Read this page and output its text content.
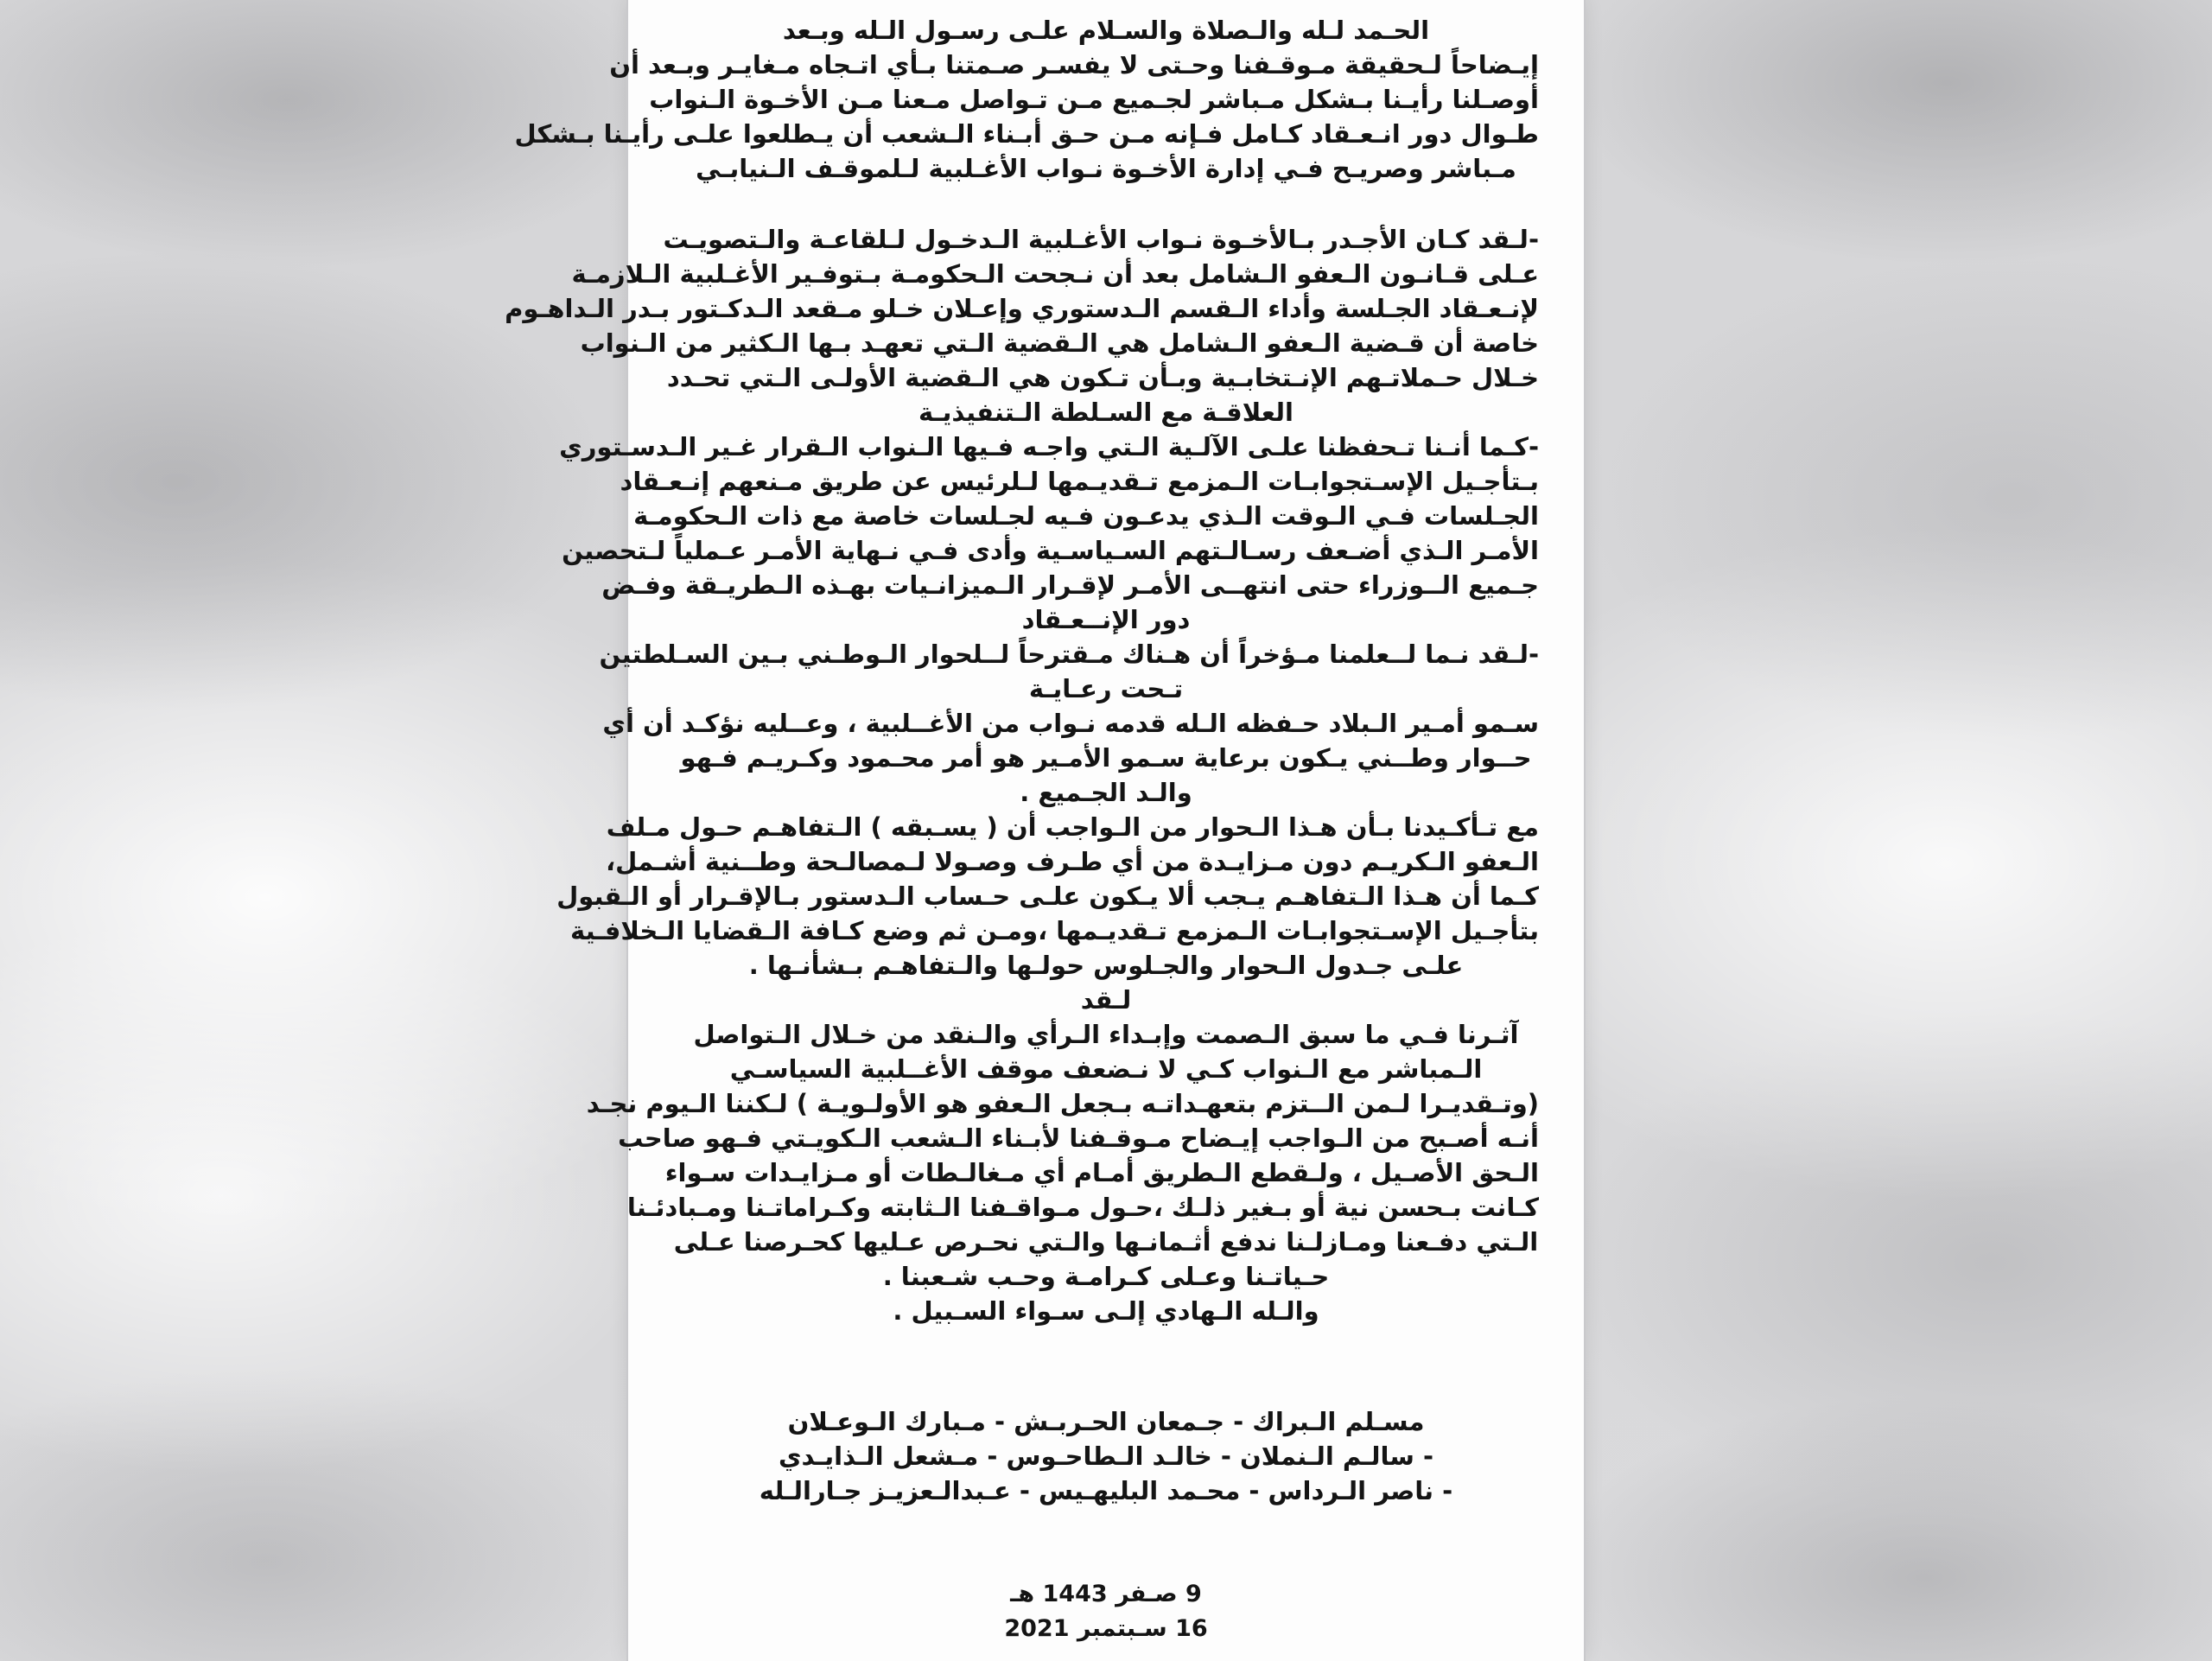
الحـمد لـله والـصلاة والسـلام علـى رسـول الـله وبـعد
إيـضاحاً لـحقيقة مـوقـفنا وحـتى لا يفسـر صـمتنا بـأي اتـجاه مـغايـر وبـعد أن
أوصـلنا رأيـنا بـشكل مـباشر لجـميع مـن تـواصل مـعنا مـن الأخـوة الـنواب
طـوال دور انـعـقاد كـامل فـإنه مـن حـق أبـناء الـشعب أن يـطلعوا علـى رأيـنا بـشكل
مـباشر وصريـح فـي إدارة الأخـوة نـواب الأغـلبية لـلموقـف الـنيابـي
-لـقد كـان الأجـدر بـالأخـوة نـواب الأغـلبية الـدخـول لـلقاعـة والـتصويـت
عـلى قـانـون الـعفو الـشامل بعد أن نـجحت الـحكومـة بـتوفـير الأغـلبية الـلازمـة
لإنـعـقاد الجـلسة وأداء الـقسم الـدستوري وإعـلان خـلو مـقعد الـدكـتور بـدر الـداهـوم
خاصة أن قـضية الـعفو الـشامل هي الـقضية الـتي تعهـد بـها الـكثير من الـنواب
خـلال حـملاتـهم الإنـتخابـية وبـأن تـكون هي الـقضية الأولـى الـتي تحـدد
العلاقـة مع السـلطة الـتنفيذيـة
-كـما أنـنا تـحفظنا علـى الآلـية الـتي واجـه فـيها الـنواب الـقرار غـير الـدسـتوري
بـتأجـيل الإسـتجوابـات الـمزمع تـقديـمها لـلرئيس عن طريق مـنعهم إنـعـقاد
الجـلسات فـي الـوقت الـذي يدعـون فـيه لجـلسات خاصة مع ذات الـحكومـة
الأمـر الـذي أضـعف رسـالـتهم السـياسـية وأدى فـي نـهاية الأمـر عـملياً لـتحصين
جـميع الــوزراء حتى انتهــى الأمـر لإقـرار الـميزانـيات بهـذه الـطريـقة وفـض
دور الإنــعـقاد
-لـقد نـما لــعلمنا مـؤخراً أن هـناك مـقترحاً لــلحوار الـوطـني بـين السـلطتين
تـحت رعـايـة
سـمو أمـير الـبلاد حـفظه الـله قدمه نـواب من الأغــلبية ، وعــليه نؤكـد أن أي
حــوار وطــني يـكون برعاية سـمو الأمـير هو أمر محـمود وكـريـم فـهو
والـد الجـميع .
مع تـأكـيدنا بـأن هـذا الـحوار من الـواجب أن ( يسـبقه ) الـتفاهـم حـول مـلف
الـعفو الـكريـم دون مـزايـدة من أي طـرف وصـولا لـمصالـحة وطــنية أشـمل،
كـما أن هـذا الـتفاهـم يـجب ألا يـكون علـى حـساب الـدستور بـالإقـرار أو الـقبول
بتأجـيل الإسـتجوابـات الـمزمع تـقديـمها ،ومـن ثم وضع كـافة الـقضايا الـخلافـية
علـى جـدول الـحوار والجـلوس حولـها والـتفاهـم بـشأنـها .
لـقد
آثـرنا فـي ما سبق الـصمت وإبـداء الـرأي والـنقد من خـلال الـتواصل
الـمباشر مع الـنواب كـي لا نـضعف موقف الأغــلبية السياسـي
(وتـقديـرا لـمن الــتزم بتعهـداتـه بـجعل الـعفو هو الأولـويـة ) لـكننا الـيوم نجـد
أنـه أصـبح من الـواجب إيـضاح مـوقـفنا لأبـناء الـشعب الـكويـتي فـهو صاحب
الـحق الأصـيل ، ولـقطع الـطريق أمـام أي مـغالـطات أو مـزايـدات سـواء
كـانت بـحسن نية أو بـغير ذلـك ،حـول مـواقـفنا الـثابته وكـراماتـنا ومـبادئـنا
الـتي دفـعنا ومـازلـنا ندفع أثـمانـها والـتي نحـرص عـليها كحـرصنا عـلى
حـياتـنا وعـلى كـرامـة وحـب شـعبنا .
والـله الـهادي إلـى سـواء السـبيل .
مسـلم الـبراك - جـمعان الحـربـش - مـبارك الـوعـلان
- سالـم الـنملان - خالـد الـطاحـوس - مـشعل الـذايـدي
- ناصر الـرداس - محـمد البليهـيس - عـبدالـعزيـز جـارالـله
9 صـفر 1443 هـ
16 سـبتمبر 2021
